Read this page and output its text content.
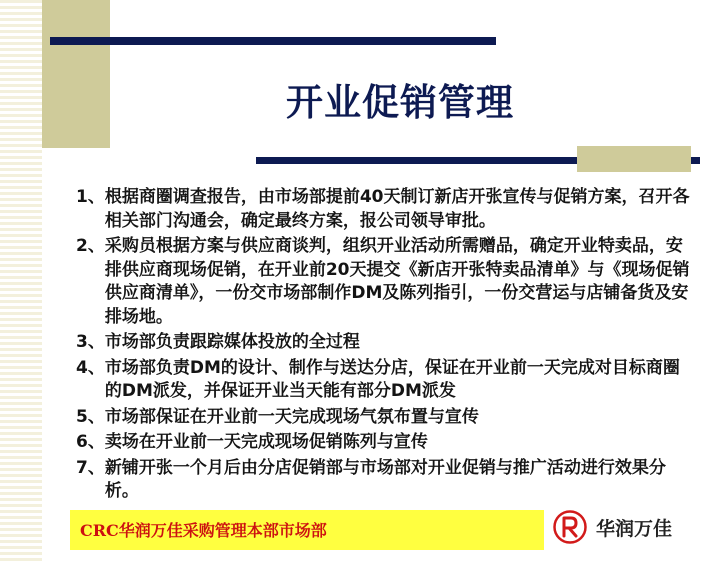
开业促销管理
1、 根据商圈调查报告，由市场部提前40天制订新店开张宣传与促销方案，召开各相关部门沟通会，确定最终方案，报公司领导审批。
2、 采购员根据方案与供应商谈判，组织开业活动所需赠品，确定开业特卖品，安排供应商现场促销，在开业前20天提交《新店开张特卖品清单》与《现场促销供应商清单》，一份交市场部制作DM及陈列指引，一份交营运与店铺备货及安排场地。
3、 市场部负责跟踪媒体投放的全过程
4、 市场部负责DM的设计、制作与送达分店，保证在开业前一天完成对目标商圈的DM派发，并保证开业当天能有部分DM派发
5、 市场部保证在开业前一天完成现场气氛布置与宣传
6、 卖场在开业前一天完成现场促销陈列与宣传
7、 新铺开张一个月后由分店促销部与市场部对开业促销与推广活动进行效果分析。
CRC华润万佳采购管理本部市场部	华润万佳
